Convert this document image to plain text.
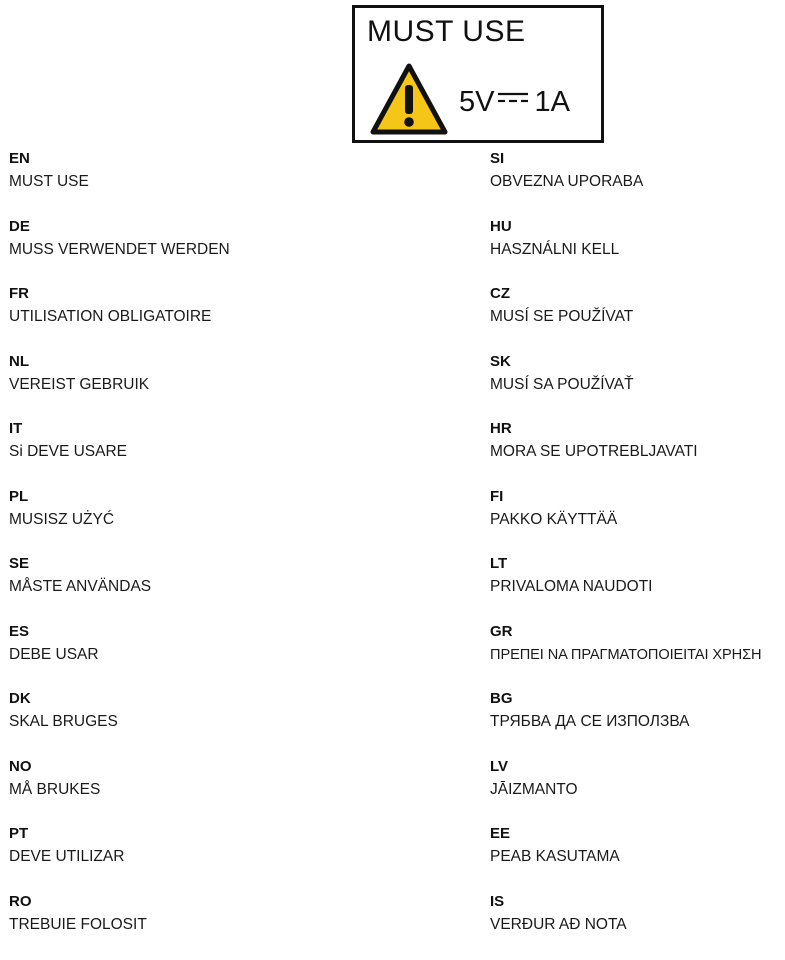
MUST USE
5V 1A
EN
MUST USE
DE
MUSS VERWENDET WERDEN
FR
UTILISATION OBLIGATOIRE
NL
VEREIST GEBRUIK
IT
Si DEVE USARE
PL
MUSISZ UŻYĆ
SE
MÅSTE ANVÄNDAS
ES
DEBE USAR
DK
SKAL BRUGES
NO
MÅ BRUKES
PT
DEVE UTILIZAR
RO
TREBUIE FOLOSIT
SI
OBVEZNA UPORABA
HU
HASZNÁLNI KELL
CZ
MUSÍ SE POUŽÍVAT
SK
MUSÍ SA POUŽÍVAŤ
HR
MORA SE UPOTREBLJAVATI
FI
PAKKO KÄYTTÄÄ
LT
PRIVALOMA NAUDOTI
GR
ΠΡΕΠΕΙ ΝΑ ΠΡΑΓΜΑΤΟΠΟΙΕΙΤΑΙ ΧΡΗΣΗ
BG
ТРЯБВА ДА СЕ ИЗПОЛЗВА
LV
JĀIZMANTO
EE
PEAB KASUTAMA
IS
VERÐUR AÐ NOTA
